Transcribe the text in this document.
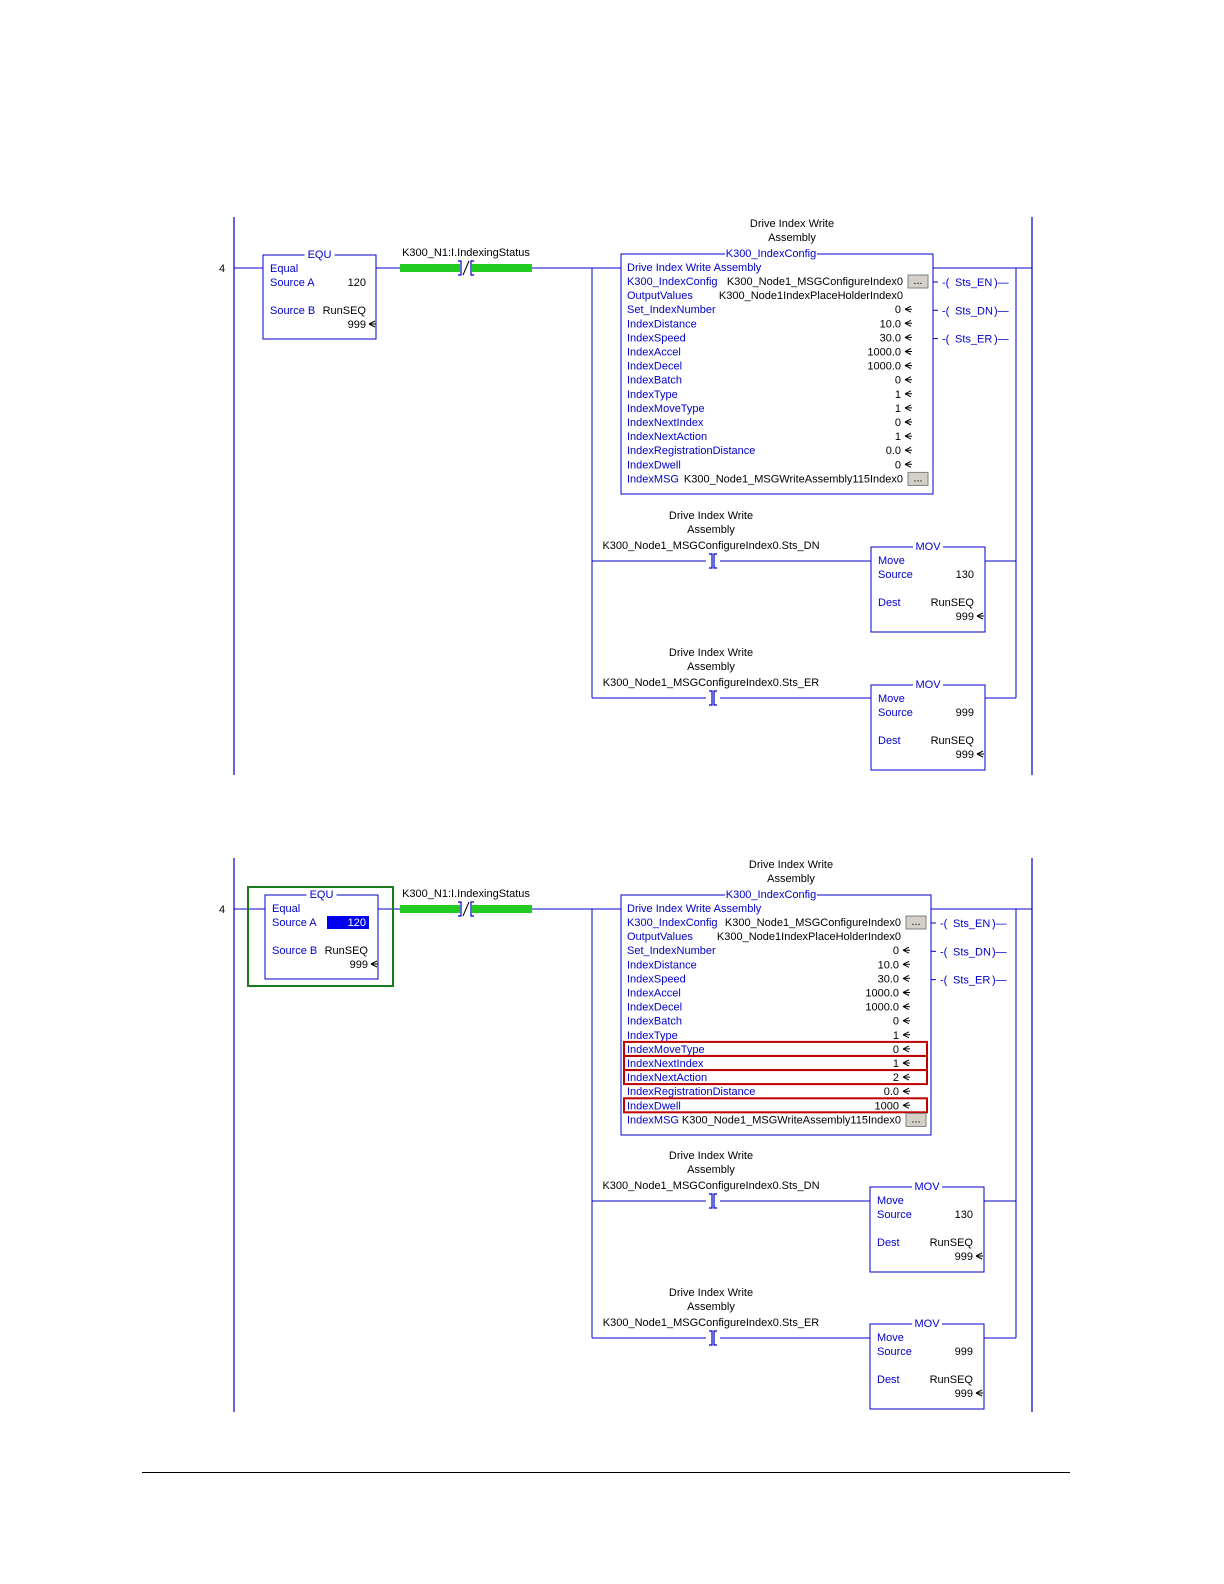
4
EQU
Equal
Source A	120
Source B RunSEQ
999
K300_N1:I.IndexingStatus
Drive Index Write
Assembly
K300_IndexConfig
Drive Index Write Assembly
K300_IndexConfig K300_Node1_MSGConfigureIndex0 ...
OutputValues K300_Node1IndexPlaceHolderIndex0
Set_IndexNumber	0
IndexDistance	10.0
IndexSpeed	30.0
IndexAccel	1000.0
IndexDecel	1000.0
IndexBatch	0
IndexType	1
IndexMoveType	1
IndexNextIndex	0
IndexNextAction	1
IndexRegistrationDistance	0.0
IndexDwell	0
IndexMSG K300_Node1_MSGWriteAssembly115Index0 ...
-( Sts_EN )—
-( Sts_DN )—
-( Sts_ER )—
Drive Index Write
Assembly
K300_Node1_MSGConfigureIndex0.Sts_DN	MOV
Move
Source	130
Dest	RunSEQ
999
Drive Index Write
Assembly
K300_Node1_MSGConfigureIndex0.Sts_ER	MOV
Move
Source	999
Dest	RunSEQ
999
4
EQU
Equal
Source A	120
Source B RunSEQ
999
K300_N1:I.IndexingStatus
Drive Index Write
Assembly
K300_IndexConfig
Drive Index Write Assembly
K300_IndexConfig K300_Node1_MSGConfigureIndex0 ...
OutputValues K300_Node1IndexPlaceHolderIndex0
Set_IndexNumber	0
IndexDistance	10.0
IndexSpeed	30.0
IndexAccel	1000.0
IndexDecel	1000.0
IndexBatch	0
IndexType	1
IndexMoveType	0
IndexNextIndex	1
IndexNextAction	2
IndexRegistrationDistance	0.0
IndexDwell	1000
IndexMSG K300_Node1_MSGWriteAssembly115Index0 ...
-( Sts_EN )—
-( Sts_DN )—
-( Sts_ER )—
Drive Index Write
Assembly
K300_Node1_MSGConfigureIndex0.Sts_DN	MOV
Move
Source	130
Dest	RunSEQ
999
Drive Index Write
Assembly
K300_Node1_MSGConfigureIndex0.Sts_ER	MOV
Move
Source	999
Dest	RunSEQ
999
